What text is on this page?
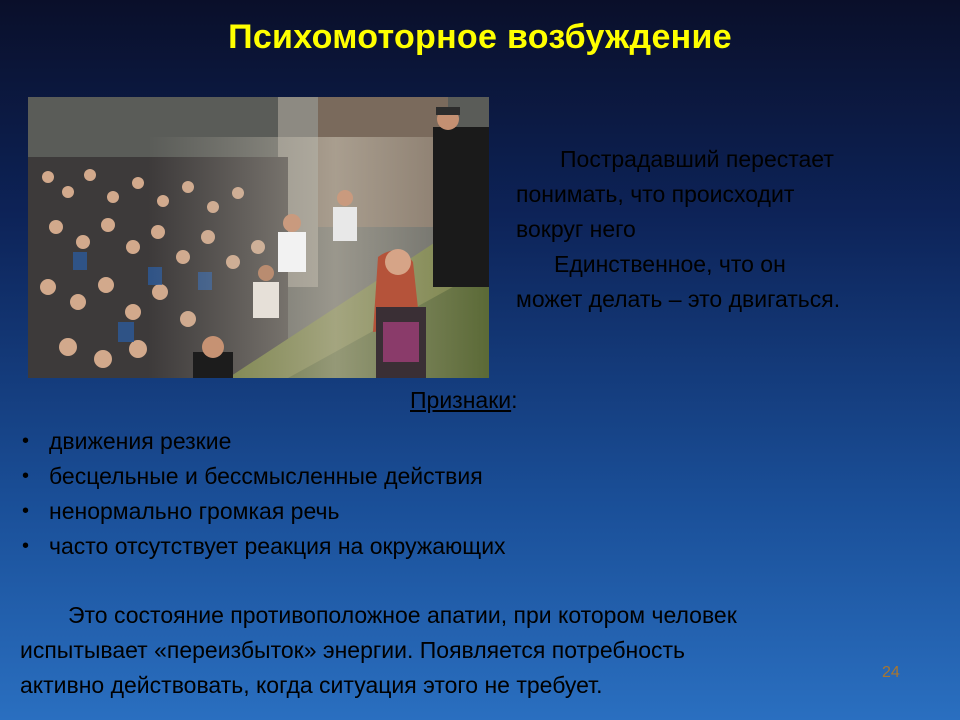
Психомоторное возбуждение

Пострадавший перестает

понимать, что происходит

вокруг него

Единственное, что он

может делать – это двигаться.

Признаки:
• движения резкие
• бесцельные и бессмысленные действия
• ненормально громкая речь
• часто отсутствует реакция на окружающих
Это состояние противоположное апатии, при котором человек
испытывает «переизбыток» энергии. Появляется потребность
активно действовать, когда ситуация этого не требует.	24
